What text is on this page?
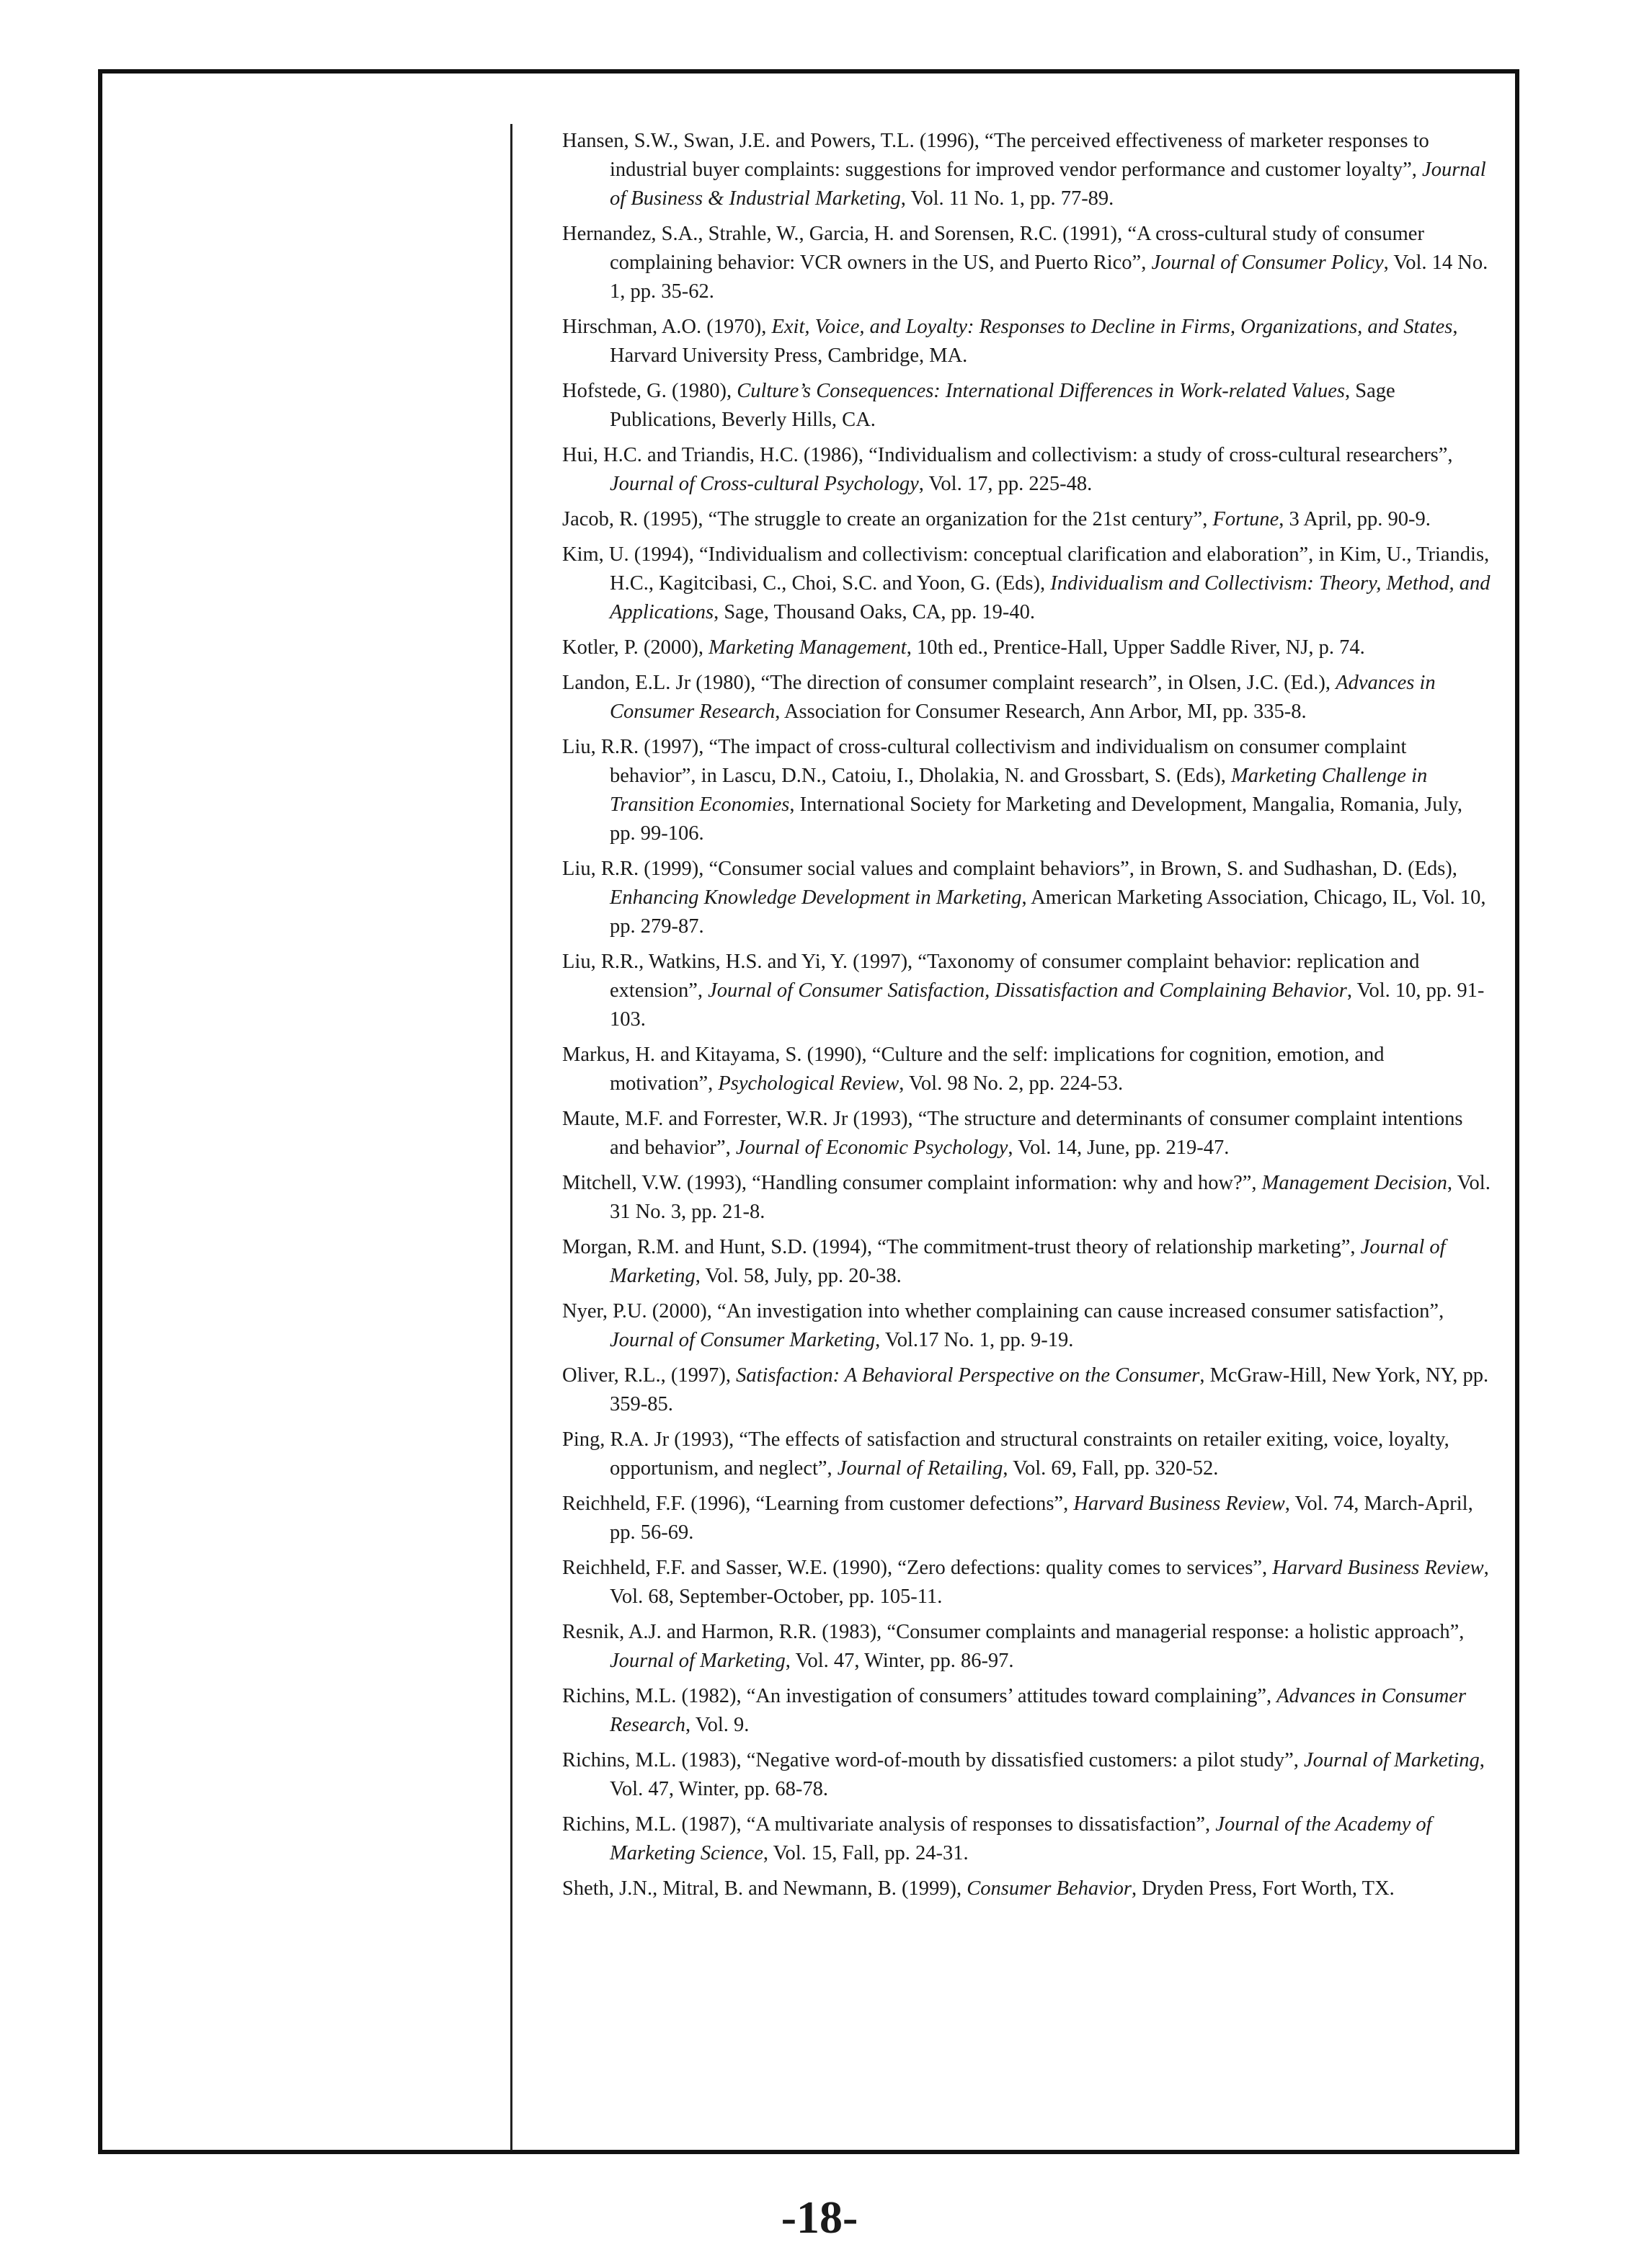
Hansen, S.W., Swan, J.E. and Powers, T.L. (1996), “The perceived effectiveness of marketer responses to industrial buyer complaints: suggestions for improved vendor performance and customer loyalty”, Journal of Business & Industrial Marketing, Vol. 11 No. 1, pp. 77-89.

Hernandez, S.A., Strahle, W., Garcia, H. and Sorensen, R.C. (1991), “A cross-cultural study of consumer complaining behavior: VCR owners in the US, and Puerto Rico”, Journal of Consumer Policy, Vol. 14 No. 1, pp. 35-62.

Hirschman, A.O. (1970), Exit, Voice, and Loyalty: Responses to Decline in Firms, Organizations, and States, Harvard University Press, Cambridge, MA.

Hofstede, G. (1980), Culture’s Consequences: International Differences in Work-related Values, Sage Publications, Beverly Hills, CA.

Hui, H.C. and Triandis, H.C. (1986), “Individualism and collectivism: a study of cross-cultural researchers”, Journal of Cross-cultural Psychology, Vol. 17, pp. 225-48.

Jacob, R. (1995), “The struggle to create an organization for the 21st century”, Fortune, 3 April, pp. 90-9.

Kim, U. (1994), “Individualism and collectivism: conceptual clarification and elaboration”, in Kim, U., Triandis, H.C., Kagitcibasi, C., Choi, S.C. and Yoon, G. (Eds), Individualism and Collectivism: Theory, Method, and Applications, Sage, Thousand Oaks, CA, pp. 19-40.

Kotler, P. (2000), Marketing Management, 10th ed., Prentice-Hall, Upper Saddle River, NJ, p. 74.

Landon, E.L. Jr (1980), “The direction of consumer complaint research”, in Olsen, J.C. (Ed.), Advances in Consumer Research, Association for Consumer Research, Ann Arbor, MI, pp. 335-8.

Liu, R.R. (1997), “The impact of cross-cultural collectivism and individualism on consumer complaint behavior”, in Lascu, D.N., Catoiu, I., Dholakia, N. and Grossbart, S. (Eds), Marketing Challenge in Transition Economies, International Society for Marketing and Development, Mangalia, Romania, July, pp. 99-106.

Liu, R.R. (1999), “Consumer social values and complaint behaviors”, in Brown, S. and Sudhashan, D. (Eds), Enhancing Knowledge Development in Marketing, American Marketing Association, Chicago, IL, Vol. 10, pp. 279-87.

Liu, R.R., Watkins, H.S. and Yi, Y. (1997), “Taxonomy of consumer complaint behavior: replication and extension”, Journal of Consumer Satisfaction, Dissatisfaction and Complaining Behavior, Vol. 10, pp. 91-103.

Markus, H. and Kitayama, S. (1990), “Culture and the self: implications for cognition, emotion, and motivation”, Psychological Review, Vol. 98 No. 2, pp. 224-53.

Maute, M.F. and Forrester, W.R. Jr (1993), “The structure and determinants of consumer complaint intentions and behavior”, Journal of Economic Psychology, Vol. 14, June, pp. 219-47.

Mitchell, V.W. (1993), “Handling consumer complaint information: why and how?”, Management Decision, Vol. 31 No. 3, pp. 21-8.

Morgan, R.M. and Hunt, S.D. (1994), “The commitment-trust theory of relationship marketing”, Journal of Marketing, Vol. 58, July, pp. 20-38.

Nyer, P.U. (2000), “An investigation into whether complaining can cause increased consumer satisfaction”, Journal of Consumer Marketing, Vol.17 No. 1, pp. 9-19.

Oliver, R.L., (1997), Satisfaction: A Behavioral Perspective on the Consumer, McGraw-Hill, New York, NY, pp. 359-85.

Ping, R.A. Jr (1993), “The effects of satisfaction and structural constraints on retailer exiting, voice, loyalty, opportunism, and neglect”, Journal of Retailing, Vol. 69, Fall, pp. 320-52.

Reichheld, F.F. (1996), “Learning from customer defections”, Harvard Business Review, Vol. 74, March-April, pp. 56-69.

Reichheld, F.F. and Sasser, W.E. (1990), “Zero defections: quality comes to services”, Harvard Business Review, Vol. 68, September-October, pp. 105-11.

Resnik, A.J. and Harmon, R.R. (1983), “Consumer complaints and managerial response: a holistic approach”, Journal of Marketing, Vol. 47, Winter, pp. 86-97.

Richins, M.L. (1982), “An investigation of consumers’ attitudes toward complaining”, Advances in Consumer Research, Vol. 9.

Richins, M.L. (1983), “Negative word-of-mouth by dissatisfied customers: a pilot study”, Journal of Marketing, Vol. 47, Winter, pp. 68-78.

Richins, M.L. (1987), “A multivariate analysis of responses to dissatisfaction”, Journal of the Academy of Marketing Science, Vol. 15, Fall, pp. 24-31.

Sheth, J.N., Mitral, B. and Newmann, B. (1999), Consumer Behavior, Dryden Press, Fort Worth, TX.

-18-
